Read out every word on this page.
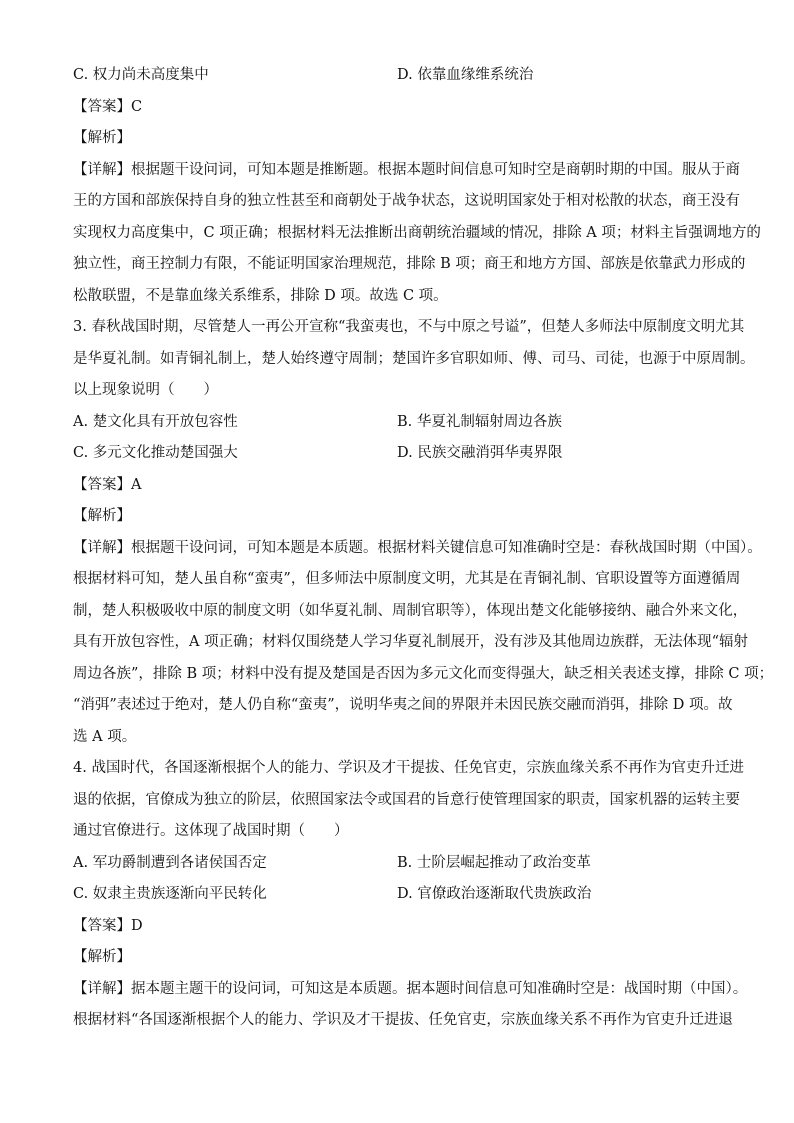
C. 权力尚未高度集中	D. 依靠血缘维系统治
【答案】C
【解析】
【详解】根据题干设问词，可知本题是推断题。根据本题时间信息可知时空是商朝时期的中国。服从于商
王的方国和部族保持自身的独立性甚至和商朝处于战争状态，这说明国家处于相对松散的状态，商王没有
实现权力高度集中，C 项正确；根据材料无法推断出商朝统治疆域的情况，排除 A 项；材料主旨强调地方的
独立性，商王控制力有限，不能证明国家治理规范，排除 B 项；商王和地方方国、部族是依靠武力形成的
松散联盟，不是靠血缘关系维系，排除 D 项。故选 C 项。
3. 春秋战国时期，尽管楚人一再公开宣称“我蛮夷也，不与中原之号谥”，但楚人多师法中原制度文明尤其
是华夏礼制。如青铜礼制上，楚人始终遵守周制；楚国许多官职如师、傅、司马、司徒，也源于中原周制。
以上现象说明（　　）
A. 楚文化具有开放包容性	B. 华夏礼制辐射周边各族
C. 多元文化推动楚国强大	D. 民族交融消弭华夷界限
【答案】A
【解析】
【详解】根据题干设问词，可知本题是本质题。根据材料关键信息可知准确时空是：春秋战国时期（中国）。
根据材料可知，楚人虽自称“蛮夷”，但多师法中原制度文明，尤其是在青铜礼制、官职设置等方面遵循周
制，楚人积极吸收中原的制度文明（如华夏礼制、周制官职等），体现出楚文化能够接纳、融合外来文化，
具有开放包容性，A 项正确；材料仅围绕楚人学习华夏礼制展开，没有涉及其他周边族群，无法体现“辐射
周边各族”，排除 B 项；材料中没有提及楚国是否因为多元文化而变得强大，缺乏相关表述支撑，排除 C 项；
“消弭”表述过于绝对，楚人仍自称“蛮夷”，说明华夷之间的界限并未因民族交融而消弭，排除 D 项。故
选 A 项。
4. 战国时代，各国逐渐根据个人的能力、学识及才干提拔、任免官吏，宗族血缘关系不再作为官吏升迁进
退的依据，官僚成为独立的阶层，依照国家法令或国君的旨意行使管理国家的职责，国家机器的运转主要
通过官僚进行。这体现了战国时期（　　）
A. 军功爵制遭到各诸侯国否定	B. 士阶层崛起推动了政治变革
C. 奴隶主贵族逐渐向平民转化	D. 官僚政治逐渐取代贵族政治
【答案】D
【解析】
【详解】据本题主题干的设问词，可知这是本质题。据本题时间信息可知准确时空是：战国时期（中国）。
根据材料“各国逐渐根据个人的能力、学识及才干提拔、任免官吏，宗族血缘关系不再作为官吏升迁进退
